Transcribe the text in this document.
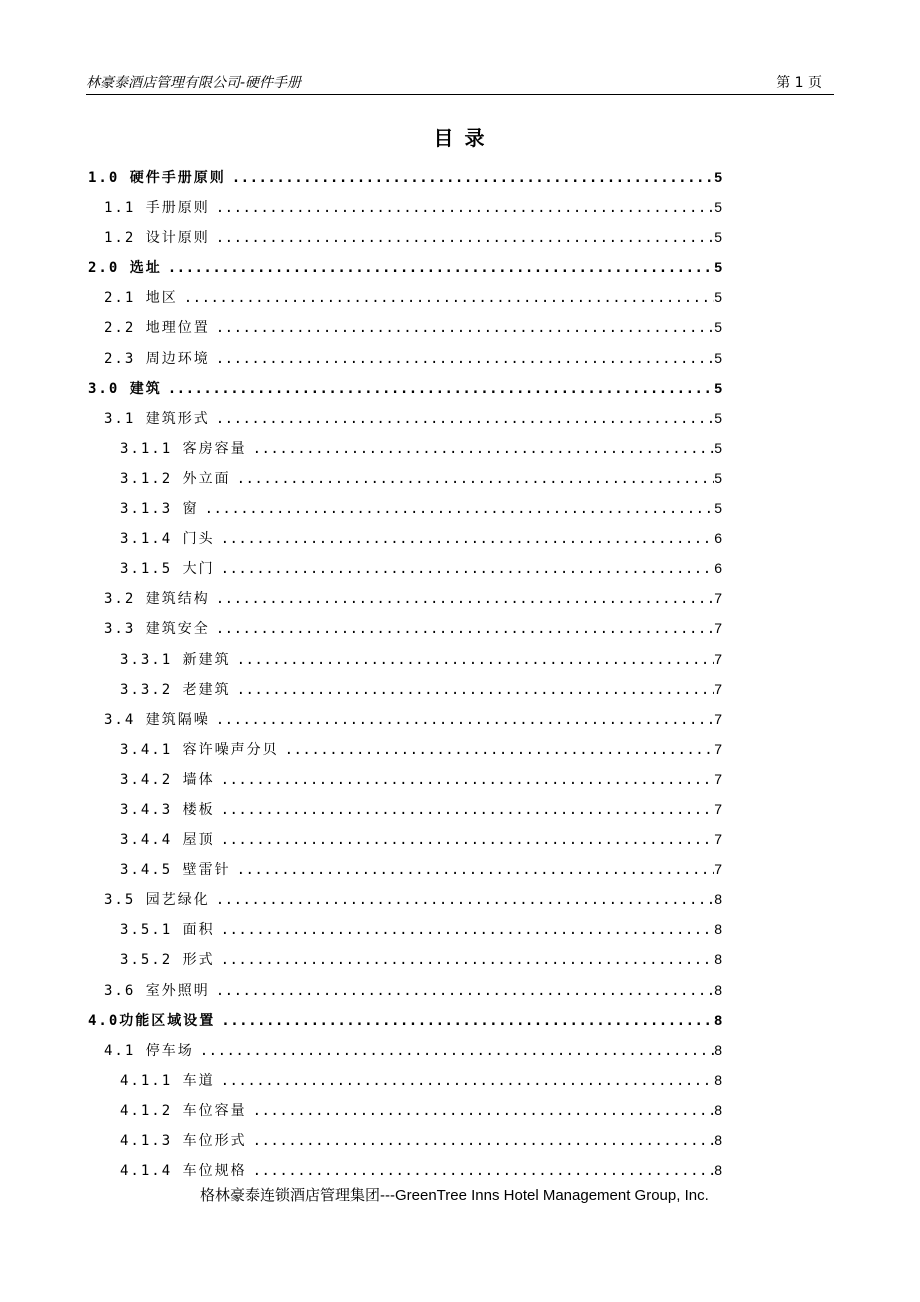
林豪泰酒店管理有限公司-硬件手册	第 1 页
目 录
1.0 硬件手册原则 .....	5
1.1 手册原则 .....	5
1.2 设计原则 .....	5
2.0 选址 .....	5
2.1 地区 .....	5
2.2 地理位置 .....	5
2.3 周边环境 .....	5
3.0 建筑 .....	5
3.1 建筑形式 .....	5
3.1.1 客房容量 .....	5
3.1.2 外立面 .....	5
3.1.3 窗 .....	5
3.1.4 门头 .....	6
3.1.5 大门 .....	6
3.2 建筑结构 .....	7
3.3 建筑安全 .....	7
3.3.1 新建筑 .....	7
3.3.2 老建筑 .....	7
3.4 建筑隔噪 .....	7
3.4.1 容许噪声分贝 .....	7
3.4.2 墙体 .....	7
3.4.3 楼板 .....	7
3.4.4 屋顶 .....	7
3.4.5 壁雷针 .....	7
3.5 园艺绿化 .....	8
3.5.1 面积 .....	8
3.5.2 形式 .....	8
3.6 室外照明 .....	8
4.0功能区域设置 .....	8
4.1 停车场 .....	8
4.1.1 车道 .....	8
4.1.2 车位容量 .....	8
4.1.3 车位形式 .....	8
4.1.4 车位规格 .....	8
格林豪泰连锁酒店管理集团---GreenTree Inns Hotel Management Group, Inc.
